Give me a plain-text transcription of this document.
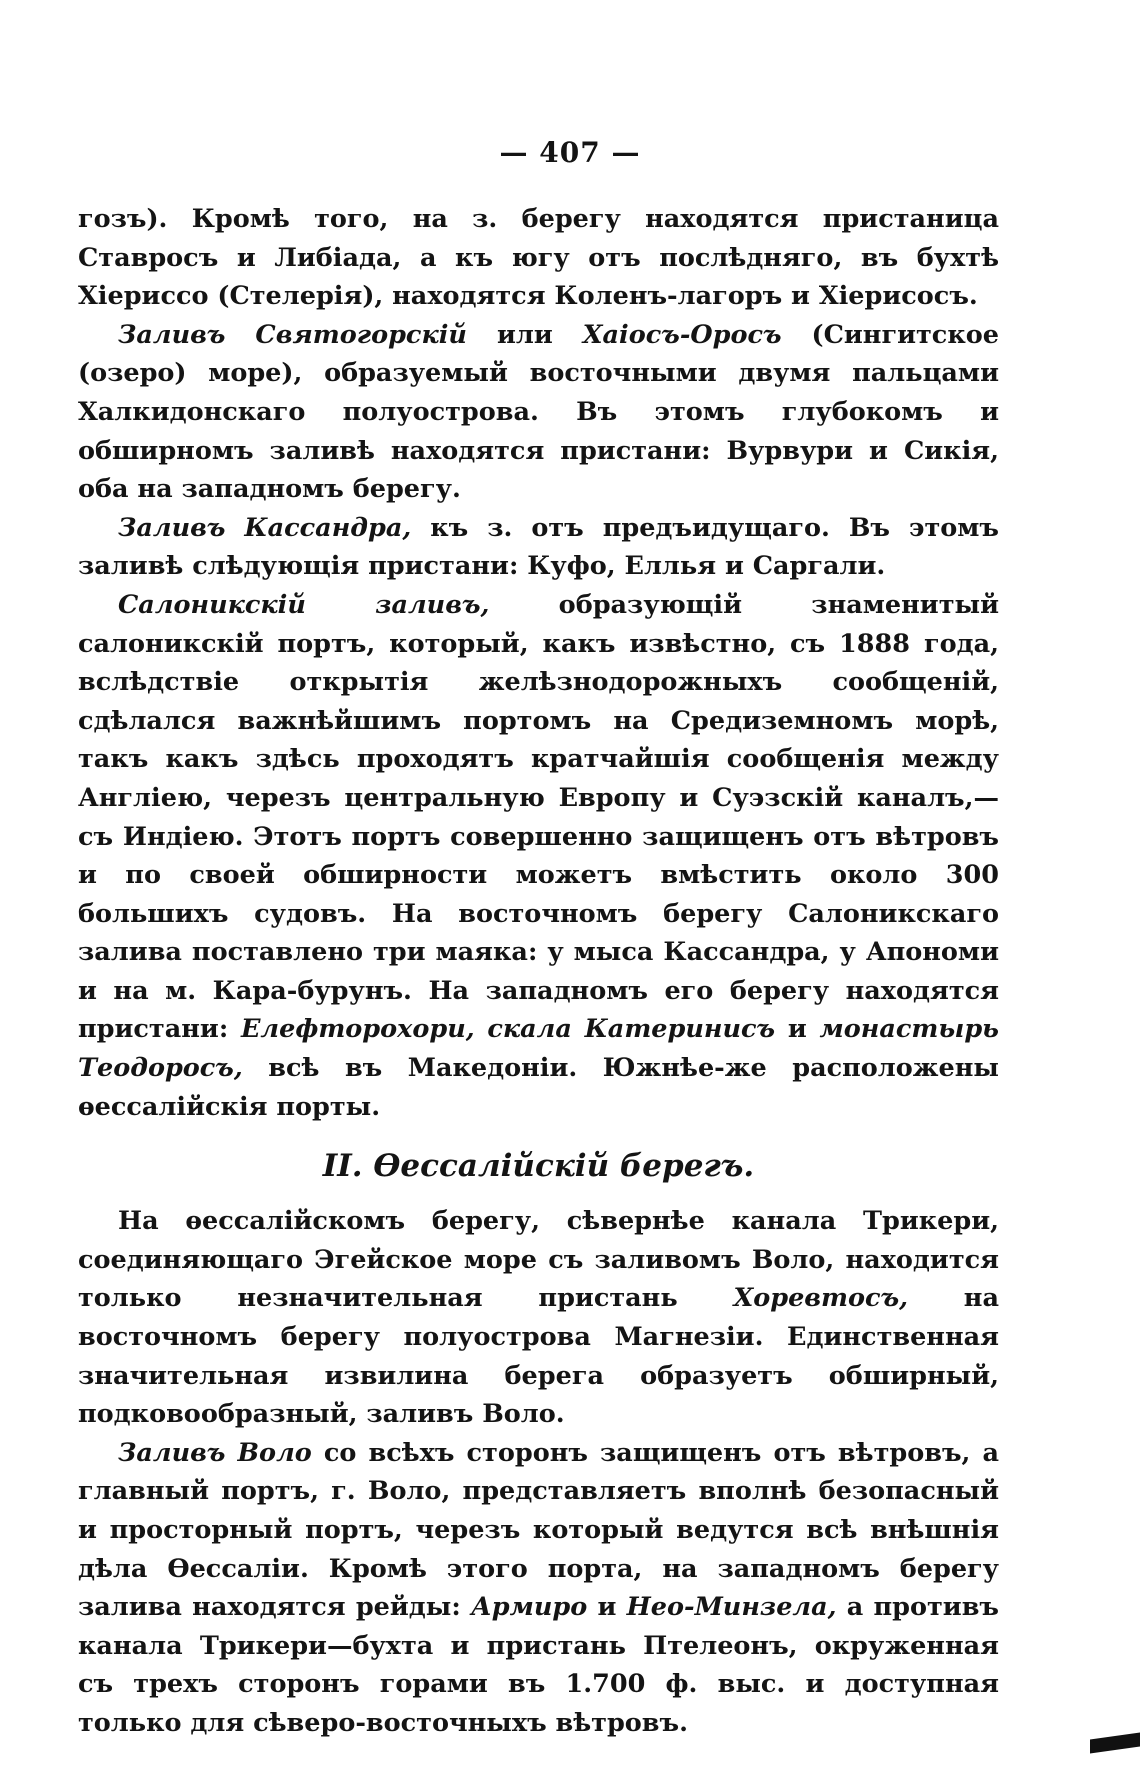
— 407 —

гозъ). Кромѣ того, на з. берегу находятся пристаница Ставросъ и Либіада, а къ югу отъ послѣдняго, въ бухтѣ Хіериссо (Стелерія), находятся Коленъ-лагоръ и Хіерисосъ.

Заливъ Святогорскій или Хаіосъ-Оросъ (Сингитское (озеро) море), образуемый восточными двумя пальцами Халкидонскаго полуострова. Въ этомъ глубокомъ и обширномъ заливѣ находятся пристани: Вурвури и Сикія, оба на западномъ берегу.

Заливъ Кассандра, къ з. отъ предъидущаго. Въ этомъ заливѣ слѣдующія пристани: Куфо, Еллья и Саргали.

Салоникскій заливъ, образующій знаменитый салоникскій портъ, который, какъ извѣстно, съ 1888 года, вслѣдствіе открытія желѣзнодорожныхъ сообщеній, сдѣлался важнѣйшимъ портомъ на Средиземномъ морѣ, такъ какъ здѣсь проходятъ кратчайшія сообщенія между Англіею, черезъ центральную Европу и Суэзскій каналъ,—съ Индіею. Этотъ портъ совершенно защищенъ отъ вѣтровъ и по своей обширности можетъ вмѣстить около 300 большихъ судовъ. На восточномъ берегу Салоникскаго залива поставлено три маяка: у мыса Кассандра, у Апономи и на м. Кара-бурунъ. На западномъ его берегу находятся пристани: Елефторохори, скала Катеринисъ и монастырь Теодоросъ, всѣ въ Македоніи. Южнѣе-же расположены ѳессалійскія порты.

II. Ѳессалійскій берегъ.

На ѳессалійскомъ берегу, сѣвернѣе канала Трикери, соединяющаго Эгейское море съ заливомъ Воло, находится только незначительная пристань Хоревтосъ, на восточномъ берегу полуострова Магнезіи. Единственная значительная извилина берега образуетъ обширный, подковообразный, заливъ Воло.

Заливъ Воло со всѣхъ сторонъ защищенъ отъ вѣтровъ, а главный портъ, г. Воло, представляетъ вполнѣ безопасный и просторный портъ, черезъ который ведутся всѣ внѣшнія дѣла Ѳессаліи. Кромѣ этого порта, на западномъ берегу залива находятся рейды: Армиро и Нео-Минзела, а противъ канала Трикери—бухта и пристань Птелеонъ, окруженная съ трехъ сторонъ горами въ 1.700 ф. выс. и доступная только для сѣверо-восточныхъ вѣтровъ.
